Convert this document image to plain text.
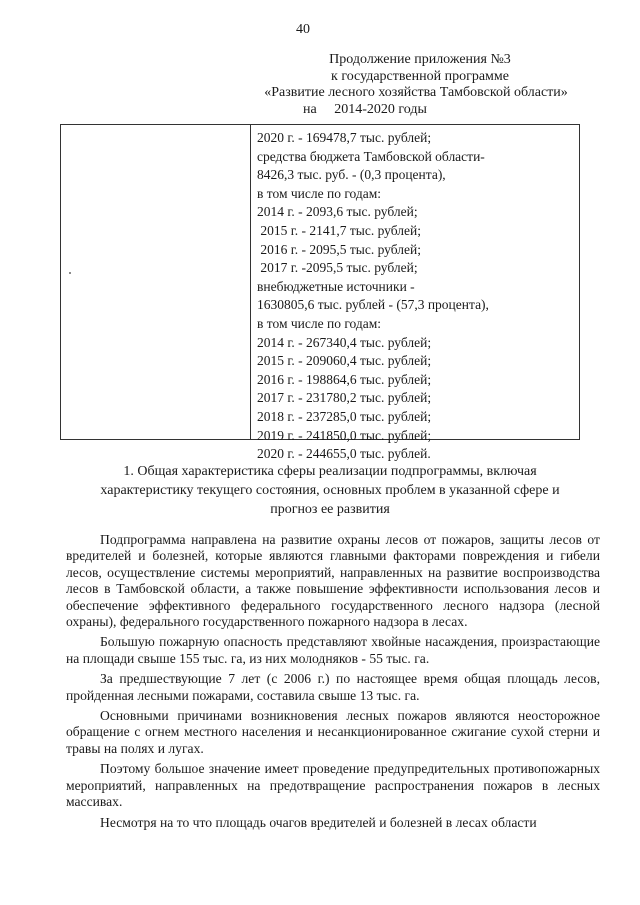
40
Продолжение приложения №3
к государственной программе
«Развитие лесного хозяйства Тамбовской области»
на     2014-2020 годы
2020 г. - 169478,7 тыс. рублей;
средства бюджета Тамбовской области-
8426,3 тыс. руб. - (0,3 процента),
в том числе по годам:
2014 г. - 2093,6 тыс. рублей;
2015 г. - 2141,7 тыс. рублей;
2016 г. - 2095,5 тыс. рублей;
2017 г. -2095,5 тыс. рублей;
внебюджетные источники -
1630805,6 тыс. рублей - (57,3 процента),
в том числе по годам:
2014 г. - 267340,4 тыс. рублей;
2015 г. - 209060,4 тыс. рублей;
2016 г. - 198864,6 тыс. рублей;
2017 г. - 231780,2 тыс. рублей;
2018 г. - 237285,0 тыс. рублей;
2019 г. - 241850,0 тыс. рублей;
2020 г. - 244655,0 тыс. рублей.
1. Общая характеристика сферы реализации подпрограммы, включая
характеристику текущего состояния, основных проблем в указанной сфере и
прогноз ее развития

Подпрограмма направлена на развитие охраны лесов от пожаров, защиты лесов от вредителей и болезней, которые являются главными факторами повреждения и гибели лесов, осуществление системы мероприятий, направленных на развитие воспроизводства лесов в Тамбовской области, а также повышение эффективности использования лесов и обеспечение эффективного федерального государственного лесного надзора (лесной охраны), федерального государственного пожарного надзора в лесах.

Большую пожарную опасность представляют хвойные насаждения, произрастающие на площади свыше 155 тыс. га, из них молодняков - 55 тыс. га.

За предшествующие 7 лет (с 2006 г.) по настоящее время общая площадь лесов, пройденная лесными пожарами, составила свыше 13 тыс. га.

Основными причинами возникновения лесных пожаров являются неосторожное обращение с огнем местного населения и несанкционированное сжигание сухой стерни и травы на полях и лугах.

Поэтому большое значение имеет проведение предупредительных противопожарных мероприятий, направленных на предотвращение распространения пожаров в лесных массивах.

Несмотря на то что площадь очагов вредителей и болезней в лесах области
